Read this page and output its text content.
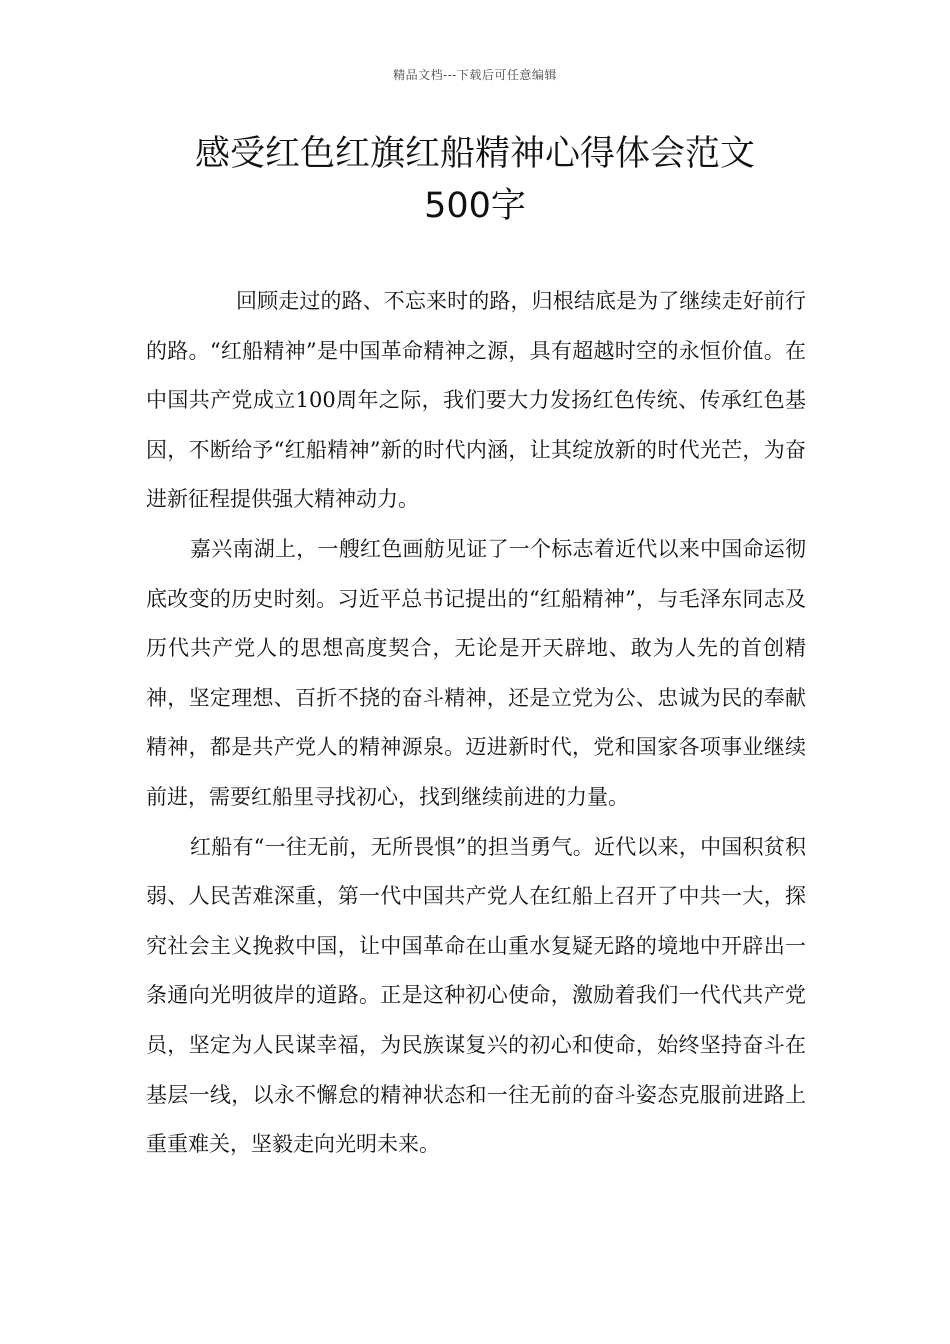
精品文档---下载后可任意编辑
感受红色红旗红船精神心得体会范文
500字

回顾走过的路、不忘来时的路，归根结底是为了继续走好前行的路。“红船精神”是中国革命精神之源，具有超越时空的永恒价值。在中国共产党成立100周年之际，我们要大力发扬红色传统、传承红色基因，不断给予“红船精神”新的时代内涵，让其绽放新的时代光芒，为奋进新征程提供强大精神动力。

嘉兴南湖上，一艘红色画舫见证了一个标志着近代以来中国命运彻底改变的历史时刻。习近平总书记提出的“红船精神”，与毛泽东同志及历代共产党人的思想高度契合，无论是开天辟地、敢为人先的首创精神，坚定理想、百折不挠的奋斗精神，还是立党为公、忠诚为民的奉献精神，都是共产党人的精神源泉。迈进新时代，党和国家各项事业继续前进，需要红船里寻找初心，找到继续前进的力量。

红船有“一往无前，无所畏惧”的担当勇气。近代以来，中国积贫积弱、人民苦难深重，第一代中国共产党人在红船上召开了中共一大，探究社会主义挽救中国，让中国革命在山重水复疑无路的境地中开辟出一条通向光明彼岸的道路。正是这种初心使命，激励着我们一代代共产党员，坚定为人民谋幸福，为民族谋复兴的初心和使命，始终坚持奋斗在基层一线，以永不懈怠的精神状态和一往无前的奋斗姿态克服前进路上重重难关，坚毅走向光明未来。
